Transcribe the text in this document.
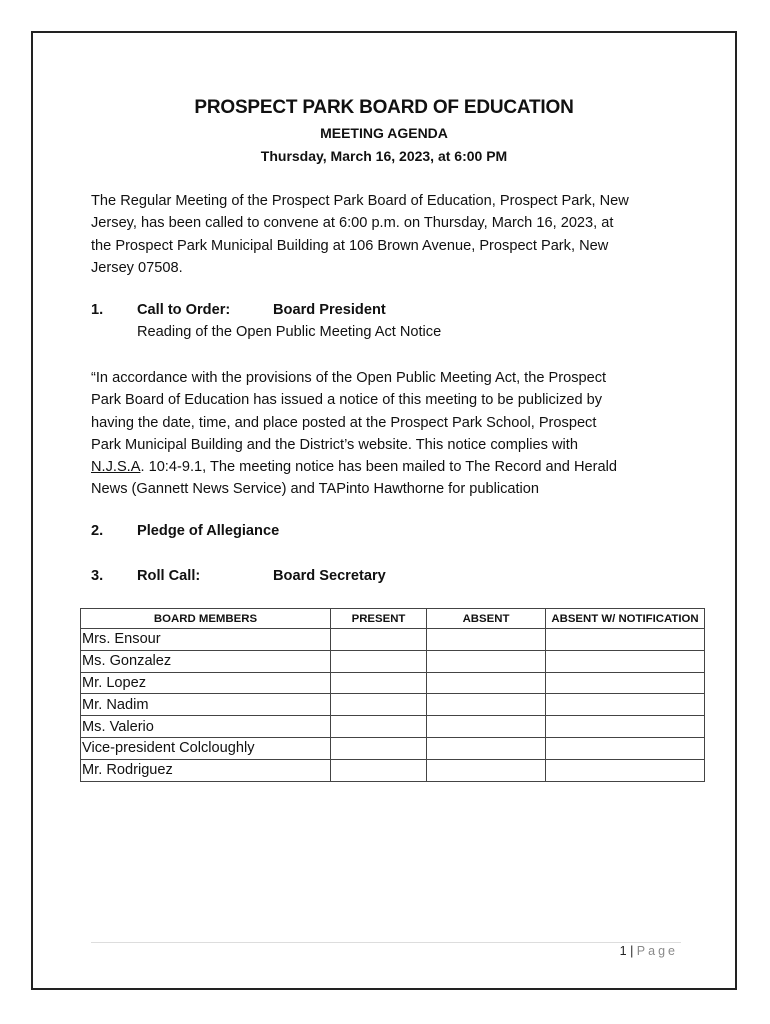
PROSPECT PARK BOARD OF EDUCATION
MEETING AGENDA
Thursday, March 16, 2023, at 6:00 PM
The Regular Meeting of the Prospect Park Board of Education, Prospect Park, New
Jersey, has been called to convene at 6:00 p.m. on Thursday, March 16, 2023, at
the Prospect Park Municipal Building at 106 Brown Avenue, Prospect Park, New
Jersey 07508.
1. Call to Order:	Board President
Reading of the Open Public Meeting Act Notice
“In accordance with the provisions of the Open Public Meeting Act, the Prospect
Park Board of Education has issued a notice of this meeting to be publicized by
having the date, time, and place posted at the Prospect Park School, Prospect
Park Municipal Building and the District’s website. This notice complies with
N.J.S.A. 10:4-9.1, The meeting notice has been mailed to The Record and Herald
News (Gannett News Service) and TAPinto Hawthorne for publication
2. Pledge of Allegiance
3. Roll Call:	Board Secretary
BOARD MEMBERS	PRESENT	ABSENT	ABSENT W/ NOTIFICATION
Mrs. Ensour			
Ms. Gonzalez			
Mr. Lopez			
Mr. Nadim			
Ms. Valerio			
Vice-president Colcloughly			
Mr. Rodriguez			
1 | Page
